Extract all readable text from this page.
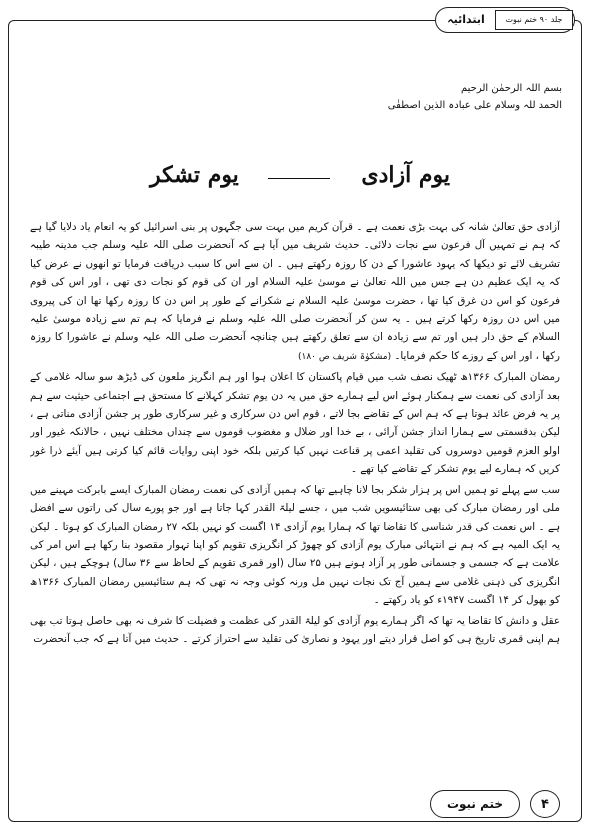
ابتدائیہ	جلد ۹۰ ختم نبوت
بسم اللہ الرحمٰن الرحیم
الحمد للہ وسلام علی عبادہ الذین اصطفٰی
یوم آزادی
یوم تشکر

آزادی حق تعالیٰ شانہ کی بہت بڑی نعمت ہے ۔ قرآن کریم میں بہت سی جگہوں پر بنی اسرائیل کو یہ انعام یاد دلایا گیا ہے کہ ہم نے تمہیں آل فرعون سے نجات دلائی۔ حدیث شریف میں آیا ہے کہ آنحضرت صلی اللہ علیہ وسلم جب مدینہ طیبہ تشریف لائے تو دیکھا کہ یہود عاشورا کے دن کا روزہ رکھتے ہیں ۔ ان سے اس کا سبب دریافت فرمایا تو انھوں نے عرض کیا کہ یہ ایک عظیم دن ہے جس میں اللہ تعالیٰ نے موسیٰ علیہ السلام اور ان کی قوم کو نجات دی تھی ، اور اس کی قوم فرعون کو اس دن غرق کیا تھا ، حضرت موسیٰ علیہ السلام نے شکرانے کے طور پر اس دن کا روزہ رکھا تھا ان کی پیروی میں اس دن روزہ رکھا کرتے ہیں ۔ یہ سن کر آنحضرت صلی اللہ علیہ وسلم نے فرمایا کہ ہم تم سے زیادہ موسیٰ علیہ السلام کے حق دار ہیں اور تم سے زیادہ ان سے تعلق رکھتے ہیں چنانچہ آنحضرت صلی اللہ علیہ وسلم نے عاشورا کا روزہ رکھا ، اور اس کے روزے کا حکم فرمایا۔ (مشکوٰۃ شریف ص ۱۸۰)

رمضان المبارک ۱۳۶۶ھ ٹھیک نصف شب میں قیام پاکستان کا اعلان ہوا اور ہم انگریز ملعون کی ڈیڑھ سو سالہ غلامی کے بعد آزادی کی نعمت سے ہمکنار ہوئے اس لیے ہمارے حق میں یہ دن یوم تشکر کہلانے کا مستحق ہے اجتماعی حیثیت سے ہم پر یہ فرض عائد ہوتا ہے کہ ہم اس کے تقاضے بجا لاتے ، قوم اس دن سرکاری و غیر سرکاری طور پر جشن آزادی مناتی ہے ، لیکن بدقسمتی سے ہمارا انداز جشن آرائی ، بے خدا اور ضلال و مغضوب قوموں سے چنداں مختلف نہیں ، حالانکہ غیور اور اولو العزم قومیں دوسروں کی تقلید اعمی پر قناعت نہیں کیا کرتیں بلکہ خود اپنی روایات قائم کیا کرتی ہیں آیئے ذرا غور کریں کہ ہمارے لیے یوم تشکر کے تقاضے کیا تھے ۔

سب سے پہلے تو ہمیں اس پر ہزار شکر بجا لانا چاہیے تھا کہ ہمیں آزادی کی نعمت رمضان المبارک ایسے بابرکت مہینے میں ملی اور رمضان مبارک کی بھی ستائیسویں شب میں ، جسے لیلۃ القدر کہا جاتا ہے اور جو پورے سال کی راتوں سے افضل ہے ۔ اس نعمت کی قدر شناسی کا تقاضا تھا کہ ہمارا یوم آزادی ۱۴ اگست کو نہیں بلکہ ۲۷ رمضان المبارک کو ہوتا ۔ لیکن یہ ایک المیہ ہے کہ ہم نے انتہائی مبارک یوم آزادی کو چھوڑ کر انگریزی تقویم کو اپنا تہوار مقصود بنا رکھا ہے اس امر کی علامت ہے کہ جسمی و جسمانی طور پر آزاد ہونے ہیں ۲۵ سال (اور قمری تقویم کے لحاظ سے ۳۶ سال) ہوچکے ہیں ، لیکن انگریزی کی ذہنی غلامی سے ہمیں آج تک نجات نہیں مل ورنہ کوئی وجہ نہ تھی کہ ہم ستائیسیں رمضان المبارک ۱۳۶۶ھ کو بھول کر ۱۴ اگست ۱۹۴۷ء کو یاد رکھتے ۔

عقل و دانش کا تقاضا یہ تھا کہ اگر ہمارے یوم آزادی کو لیلۃ القدر کی عظمت و فضیلت کا شرف نہ بھی حاصل ہوتا تب بھی ہم اپنی قمری تاریخ ہی کو اصل قرار دیتے اور یہود و نصاریٰ کی تقلید سے احتراز کرتے ۔ حدیث میں آتا ہے کہ جب آنحضرت

ختم نبوت	۴
